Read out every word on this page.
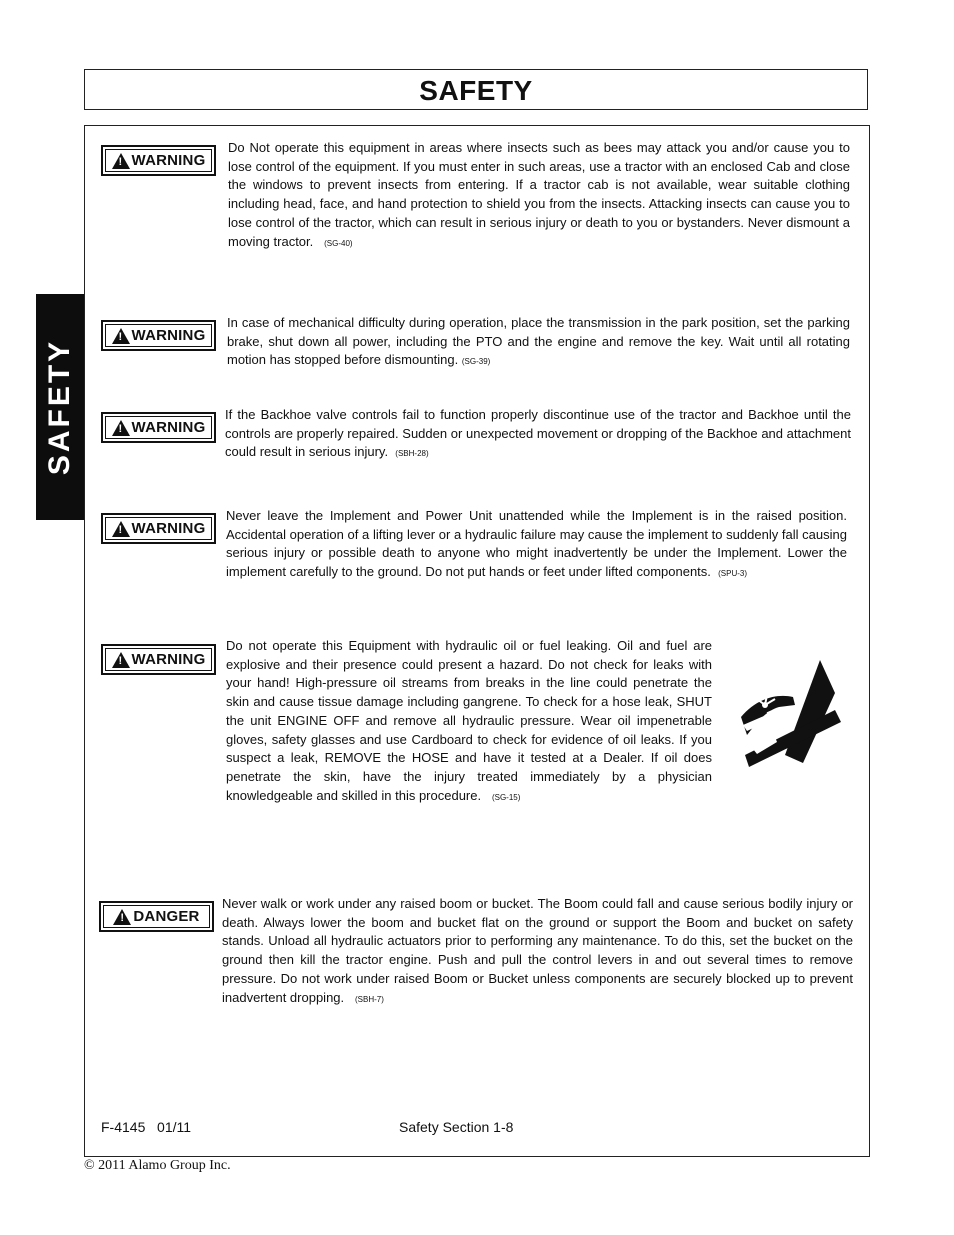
SAFETY
SAFETY
!
WARNING

Do Not operate this equipment in areas where insects such as bees may attack you and/or cause you to lose control of the equipment. If you must enter in such areas, use a tractor with an enclosed Cab and close the windows to prevent insects from entering. If a tractor cab is not available, wear suitable clothing including head, face, and hand protection to shield you from the insects. Attacking insects can cause you to lose control of the tractor, which can result in serious injury or death to you or bystanders. Never dismount a moving tractor. (SG-40)

!
WARNING

In case of mechanical difficulty during operation, place the transmission in the park position, set the parking brake, shut down all power, including the PTO and the engine and remove the key. Wait until all rotating motion has stopped before dismounting. (SG-39)

!
WARNING

If the Backhoe valve controls fail to function properly discontinue use of the tractor and Backhoe until the controls are properly repaired. Sudden or unexpected movement or dropping of the Backhoe and attachment could result in serious injury. (SBH-28)

!
WARNING

Never leave the Implement and Power Unit unattended while the Implement is in the raised position. Accidental operation of a lifting lever or a hydraulic failure may cause the implement to suddenly fall causing serious injury or possible death to anyone who might inadvertently be under the Implement. Lower the implement carefully to the ground. Do not put hands or feet under lifted components. (SPU-3)

!
WARNING

Do not operate this Equipment with hydraulic oil or fuel leaking. Oil and fuel are explosive and their presence could present a hazard. Do not check for leaks with your hand! High-pressure oil streams from breaks in the line could penetrate the skin and cause tissue damage including gangrene. To check for a hose leak, SHUT the unit ENGINE OFF and remove all hydraulic pressure. Wear oil impenetrable gloves, safety glasses and use Cardboard to check for evidence of oil leaks. If you suspect a leak, REMOVE the HOSE and have it tested at a Dealer. If oil does penetrate the skin, have the injury treated immediately by a physician knowledgeable and skilled in this procedure. (SG-15)

!
DANGER

Never walk or work under any raised boom or bucket. The Boom could fall and cause serious bodily injury or death. Always lower the boom and bucket flat on the ground or support the Boom and bucket on safety stands. Unload all hydraulic actuators prior to performing any maintenance. To do this, set the bucket on the ground then kill the tractor engine. Push and pull the control levers in and out several times to remove pressure. Do not work under raised Boom or Bucket unless components are securely blocked up to prevent inadvertent dropping. (SBH-7)

F-4145   01/11	Safety Section 1-8
© 2011 Alamo Group Inc.
